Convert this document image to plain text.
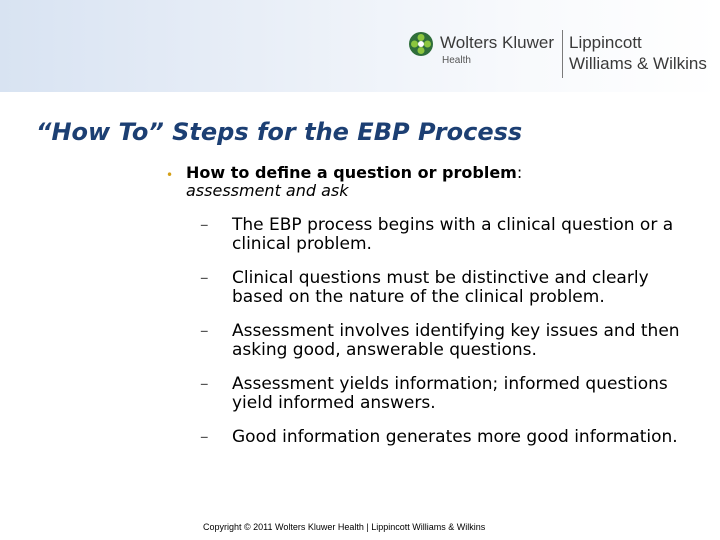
Wolters Kluwer
Health
Lippincott
Williams & Wilkins
“How To” Steps for the EBP Process
• How to define a question or problem:
assessment and ask
– The EBP process begins with a clinical question or a clinical problem.
– Clinical questions must be distinctive and clearly based on the nature of the clinical problem.
– Assessment involves identifying key issues and then asking good, answerable questions.
– Assessment yields information; informed questions yield informed answers.
– Good information generates more good information.
Copyright © 2011 Wolters Kluwer Health | Lippincott Williams & Wilkins
